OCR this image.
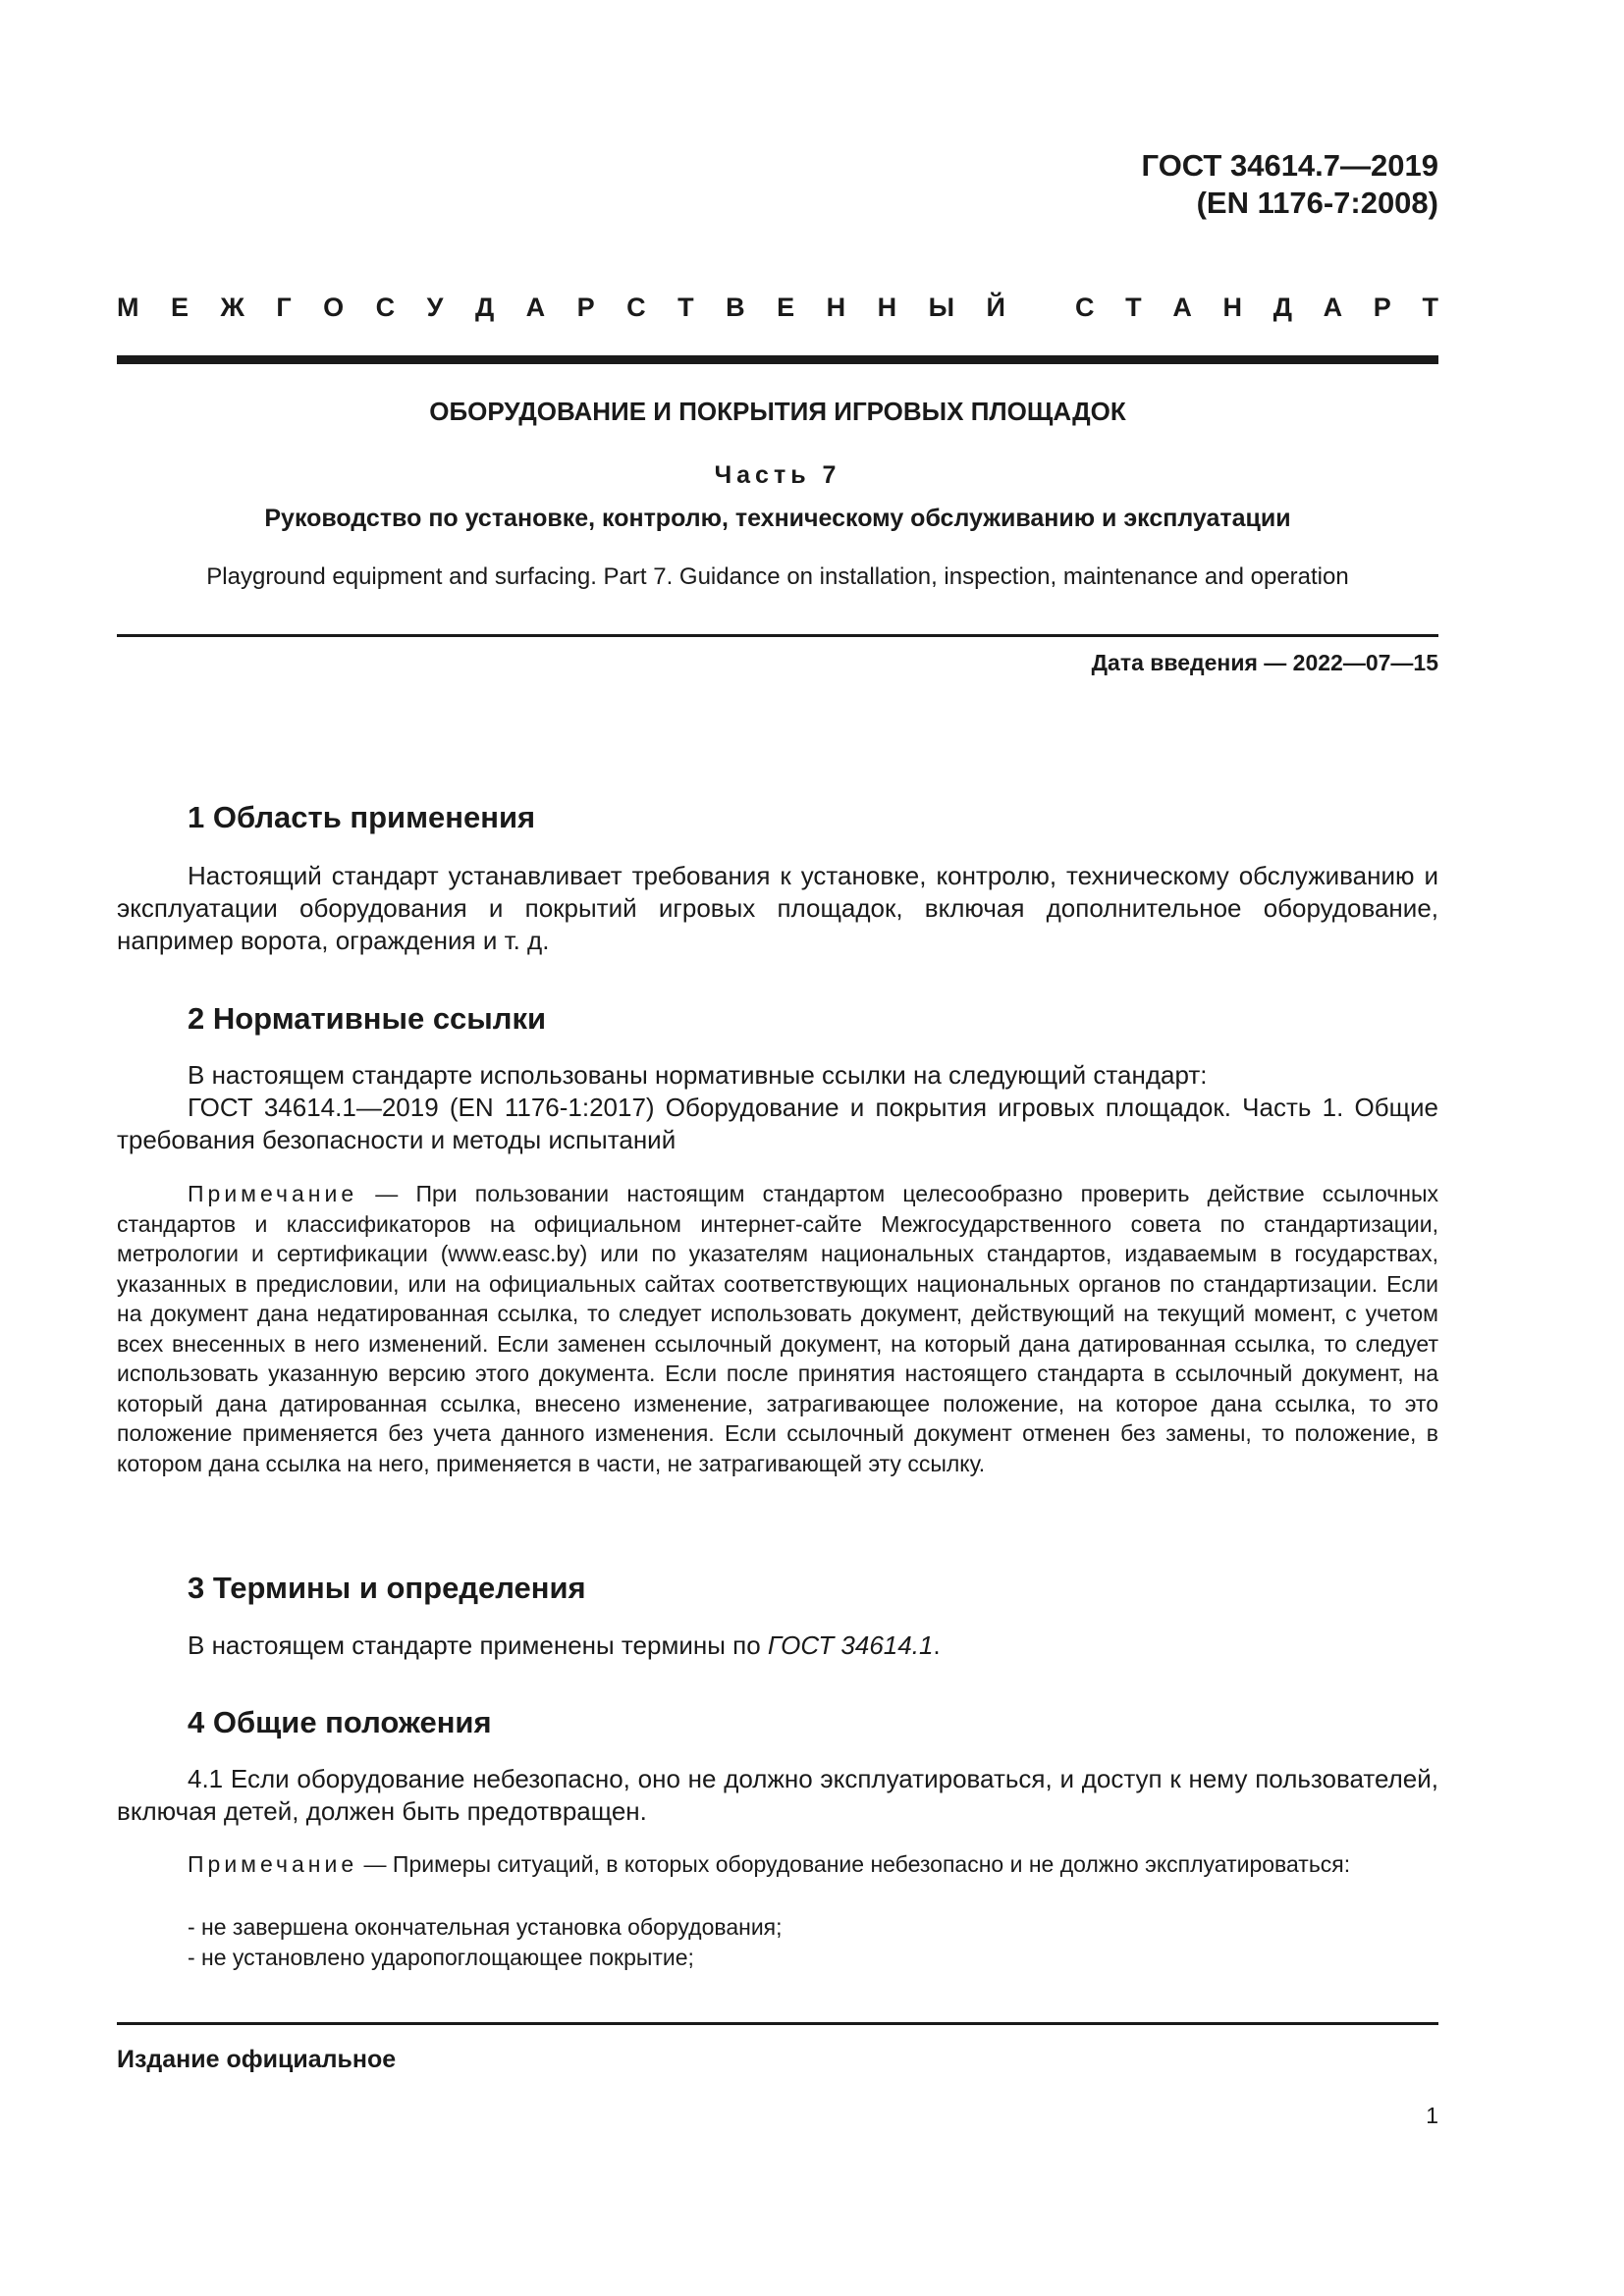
ГОСТ 34614.7—2019
(EN 1176-7:2008)
М Е Ж Г О С У Д А Р С Т В Е Н Н Ы Й	С Т А Н Д А Р Т
ОБОРУДОВАНИЕ И ПОКРЫТИЯ ИГРОВЫХ ПЛОЩАДОК
Часть 7
Руководство по установке, контролю, техническому обслуживанию и эксплуатации
Playground equipment and surfacing. Part 7. Guidance on installation, inspection, maintenance and operation
Дата введения — 2022—07—15
1 Область применения
Настоящий стандарт устанавливает требования к установке, контролю, техническому обслуживанию и эксплуатации оборудования и покрытий игровых площадок, включая дополнительное оборудование, например ворота, ограждения и т. д.
2 Нормативные ссылки
В настоящем стандарте использованы нормативные ссылки на следующий стандарт:
ГОСТ 34614.1—2019 (EN 1176-1:2017) Оборудование и покрытия игровых площадок. Часть 1. Общие требования безопасности и методы испытаний
Примечание — При пользовании настоящим стандартом целесообразно проверить действие ссылочных стандартов и классификаторов на официальном интернет-сайте Межгосударственного совета по стандартизации, метрологии и сертификации (www.easc.by) или по указателям национальных стандартов, издаваемым в государствах, указанных в предисловии, или на официальных сайтах соответствующих национальных органов по стандартизации. Если на документ дана недатированная ссылка, то следует использовать документ, действующий на текущий момент, с учетом всех внесенных в него изменений. Если заменен ссылочный документ, на который дана датированная ссылка, то следует использовать указанную версию этого документа. Если после принятия настоящего стандарта в ссылочный документ, на который дана датированная ссылка, внесено изменение, затрагивающее положение, на которое дана ссылка, то это положение применяется без учета данного изменения. Если ссылочный документ отменен без замены, то положение, в котором дана ссылка на него, применяется в части, не затрагивающей эту ссылку.
3 Термины и определения
В настоящем стандарте применены термины по ГОСТ 34614.1.
4 Общие положения
4.1 Если оборудование небезопасно, оно не должно эксплуатироваться, и доступ к нему пользователей, включая детей, должен быть предотвращен.
Примечание — Примеры ситуаций, в которых оборудование небезопасно и не должно эксплуатироваться:
- не завершена окончательная установка оборудования;
- не установлено ударопоглощающее покрытие;
Издание официальное
1
